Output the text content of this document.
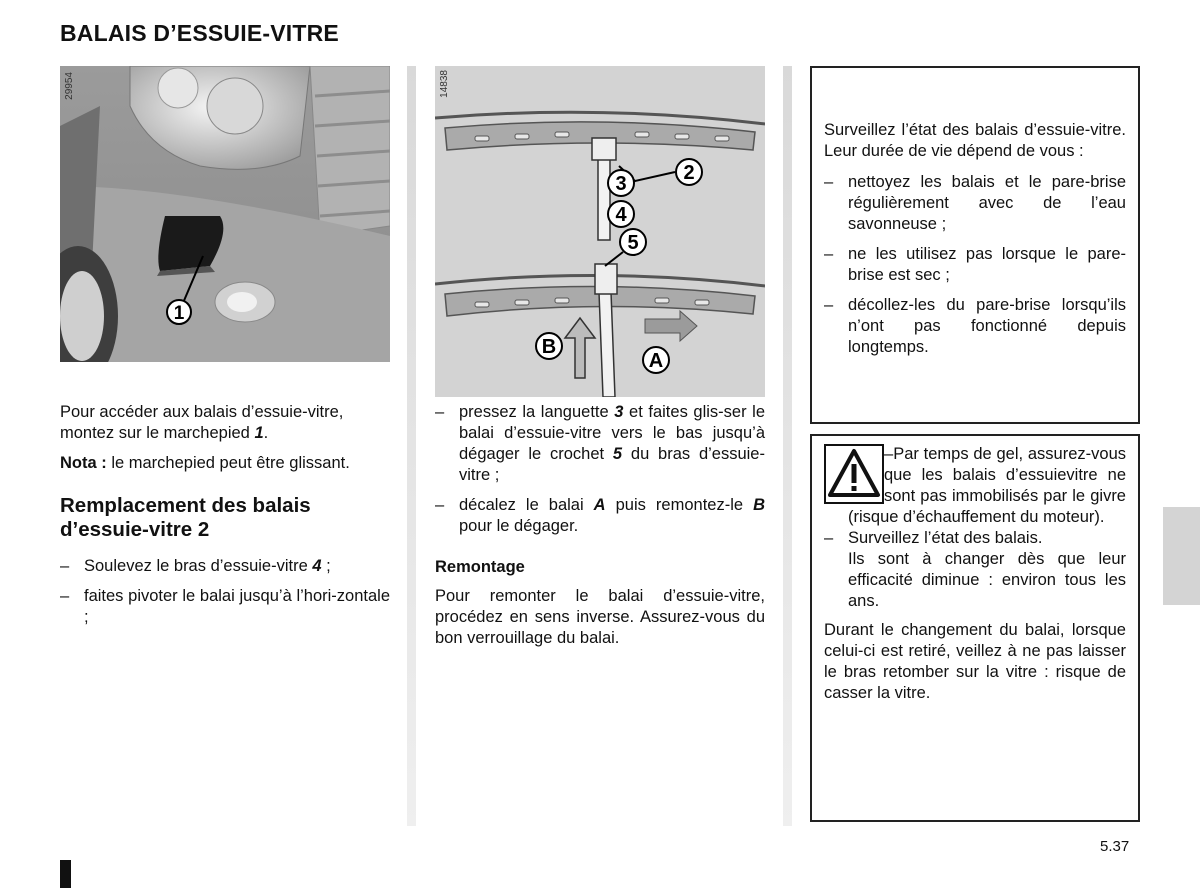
BALAIS D’ESSUIE-VITRE
1
29954
Pour accéder aux balais d’essuie-vitre, montez sur le marchepied 1.
Nota : le marchepied peut être glissant.
Remplacement des balais d’essuie-vitre 2
– Soulevez le bras d’essuie-vitre 4 ;
– faites pivoter le balai jusqu’à l’hori-zontale ;
3	2
4
5
B
A
14838
– pressez la languette 3 et faites glis-ser le balai d’essuie-vitre vers le bas jusqu’à dégager le crochet 5 du bras d’essuie-vitre ;
– décalez le balai A puis remontez-le B pour le dégager.
Remontage
Pour remonter le balai d’essuie-vitre, procédez en sens inverse. Assurez-vous du bon verrouillage du balai.
Surveillez l’état des balais d’essuie-vitre. Leur durée de vie dépend de vous :
– nettoyez les balais et le pare-brise régulièrement avec de l’eau savonneuse ;
– ne les utilisez pas lorsque le pare-brise est sec ;
– décollez-les du pare-brise lorsqu’ils n’ont pas fonctionné depuis longtemps.
– Par temps de gel, assurez-vous que les balais d’essuievitre ne sont pas immobilisés par le givre (risque d’échauffement du moteur).
– Surveillez l’état des balais.
Ils sont à changer dès que leur efficacité diminue : environ tous les ans.
Durant le changement du balai, lorsque celui-ci est retiré, veillez à ne pas laisser le bras retomber sur la vitre : risque de casser la vitre.
5.37
